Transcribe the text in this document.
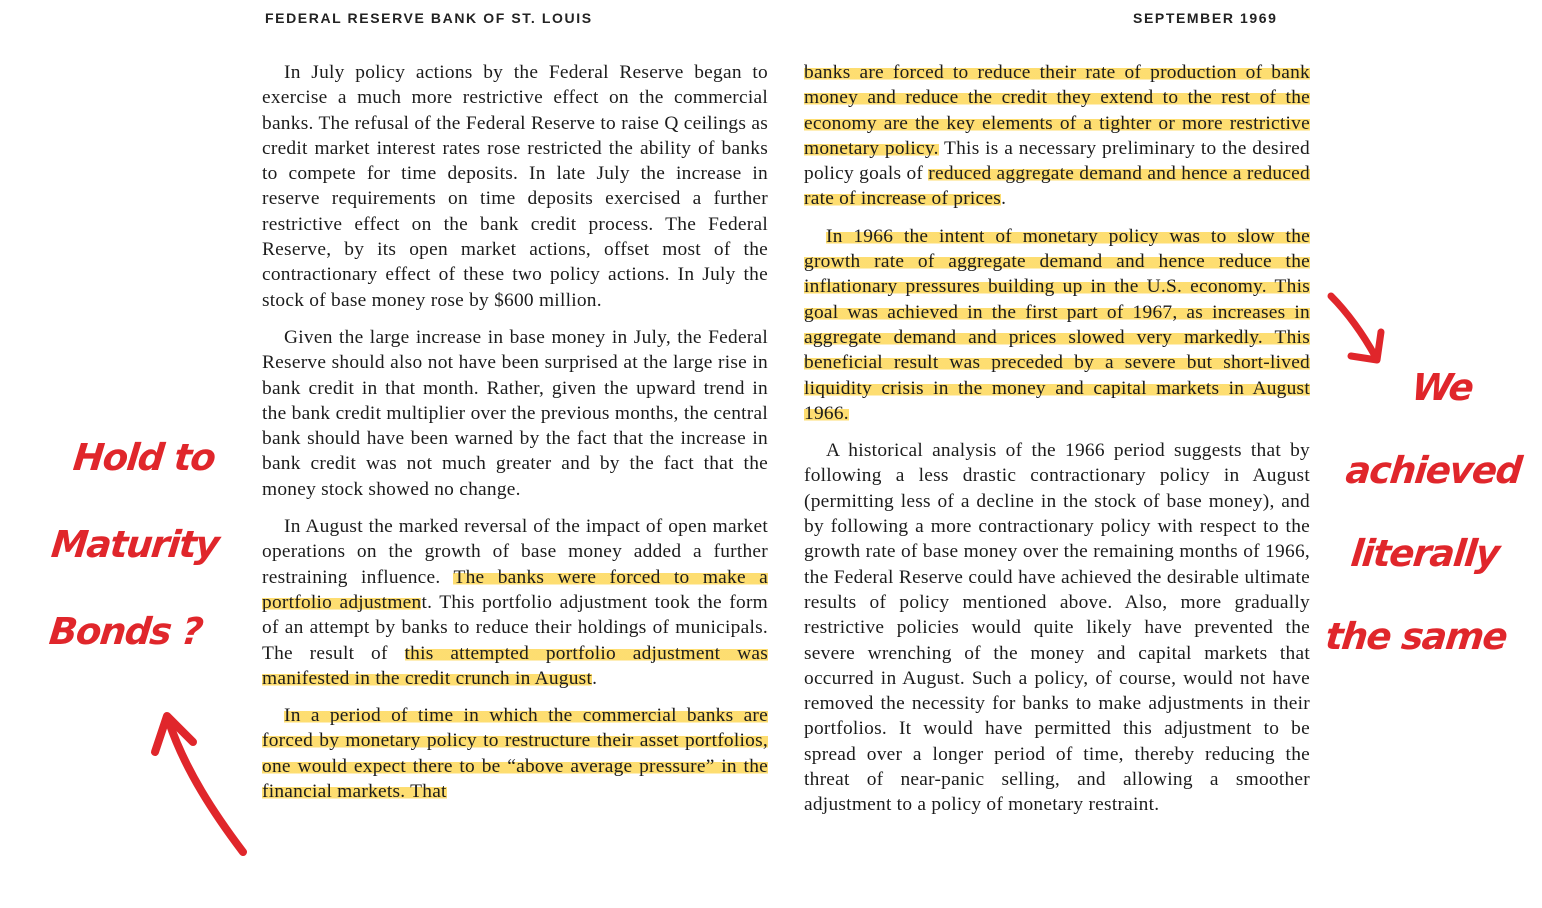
FEDERAL RESERVE BANK OF ST. LOUIS	SEPTEMBER 1969

In July policy actions by the Federal Reserve began to exercise a much more restrictive effect on the commercial banks. The refusal of the Federal Reserve to raise Q ceilings as credit market interest rates rose restricted the ability of banks to compete for time deposits. In late July the increase in reserve requirements on time deposits exercised a further restrictive effect on the bank credit process. The Federal Reserve, by its open market actions, offset most of the contractionary effect of these two policy actions. In July the stock of base money rose by $600 million.

Given the large increase in base money in July, the Federal Reserve should also not have been surprised at the large rise in bank credit in that month. Rather, given the upward trend in the bank credit multiplier over the previous months, the central bank should have been warned by the fact that the increase in bank credit was not much greater and by the fact that the money stock showed no change.

In August the marked reversal of the impact of open market operations on the growth of base money added a further restraining influence. The banks were forced to make a portfolio adjustment. This portfolio adjustment took the form of an attempt by banks to reduce their holdings of municipals. The result of this attempted portfolio adjustment was manifested in the credit crunch in August.

In a period of time in which the commercial banks are forced by monetary policy to restructure their asset portfolios, one would expect there to be “above average pressure” in the financial markets. That

banks are forced to reduce their rate of production of bank money and reduce the credit they extend to the rest of the economy are the key elements of a tighter or more restrictive monetary policy. This is a necessary preliminary to the desired policy goals of reduced aggregate demand and hence a reduced rate of increase of prices.

In 1966 the intent of monetary policy was to slow the growth rate of aggregate demand and hence reduce the inflationary pressures building up in the U.S. economy. This goal was achieved in the first part of 1967, as increases in aggregate demand and prices slowed very markedly. This beneficial result was preceded by a severe but short-lived liquidity crisis in the money and capital markets in August 1966.

A historical analysis of the 1966 period suggests that by following a less drastic contractionary policy in August (permitting less of a decline in the stock of base money), and by following a more contractionary policy with respect to the growth rate of base money over the remaining months of 1966, the Federal Reserve could have achieved the desirable ultimate results of policy mentioned above. Also, more gradually restrictive policies would quite likely have prevented the severe wrenching of the money and capital markets that occurred in August. Such a policy, of course, would not have removed the necessity for banks to make adjustments in their portfolios. It would have permitted this adjustment to be spread over a longer period of time, thereby reducing the threat of near-panic selling, and allowing a smoother adjustment to a policy of monetary restraint.

Hold to
Maturity
Bonds ?
We
achieved
literally
the same
